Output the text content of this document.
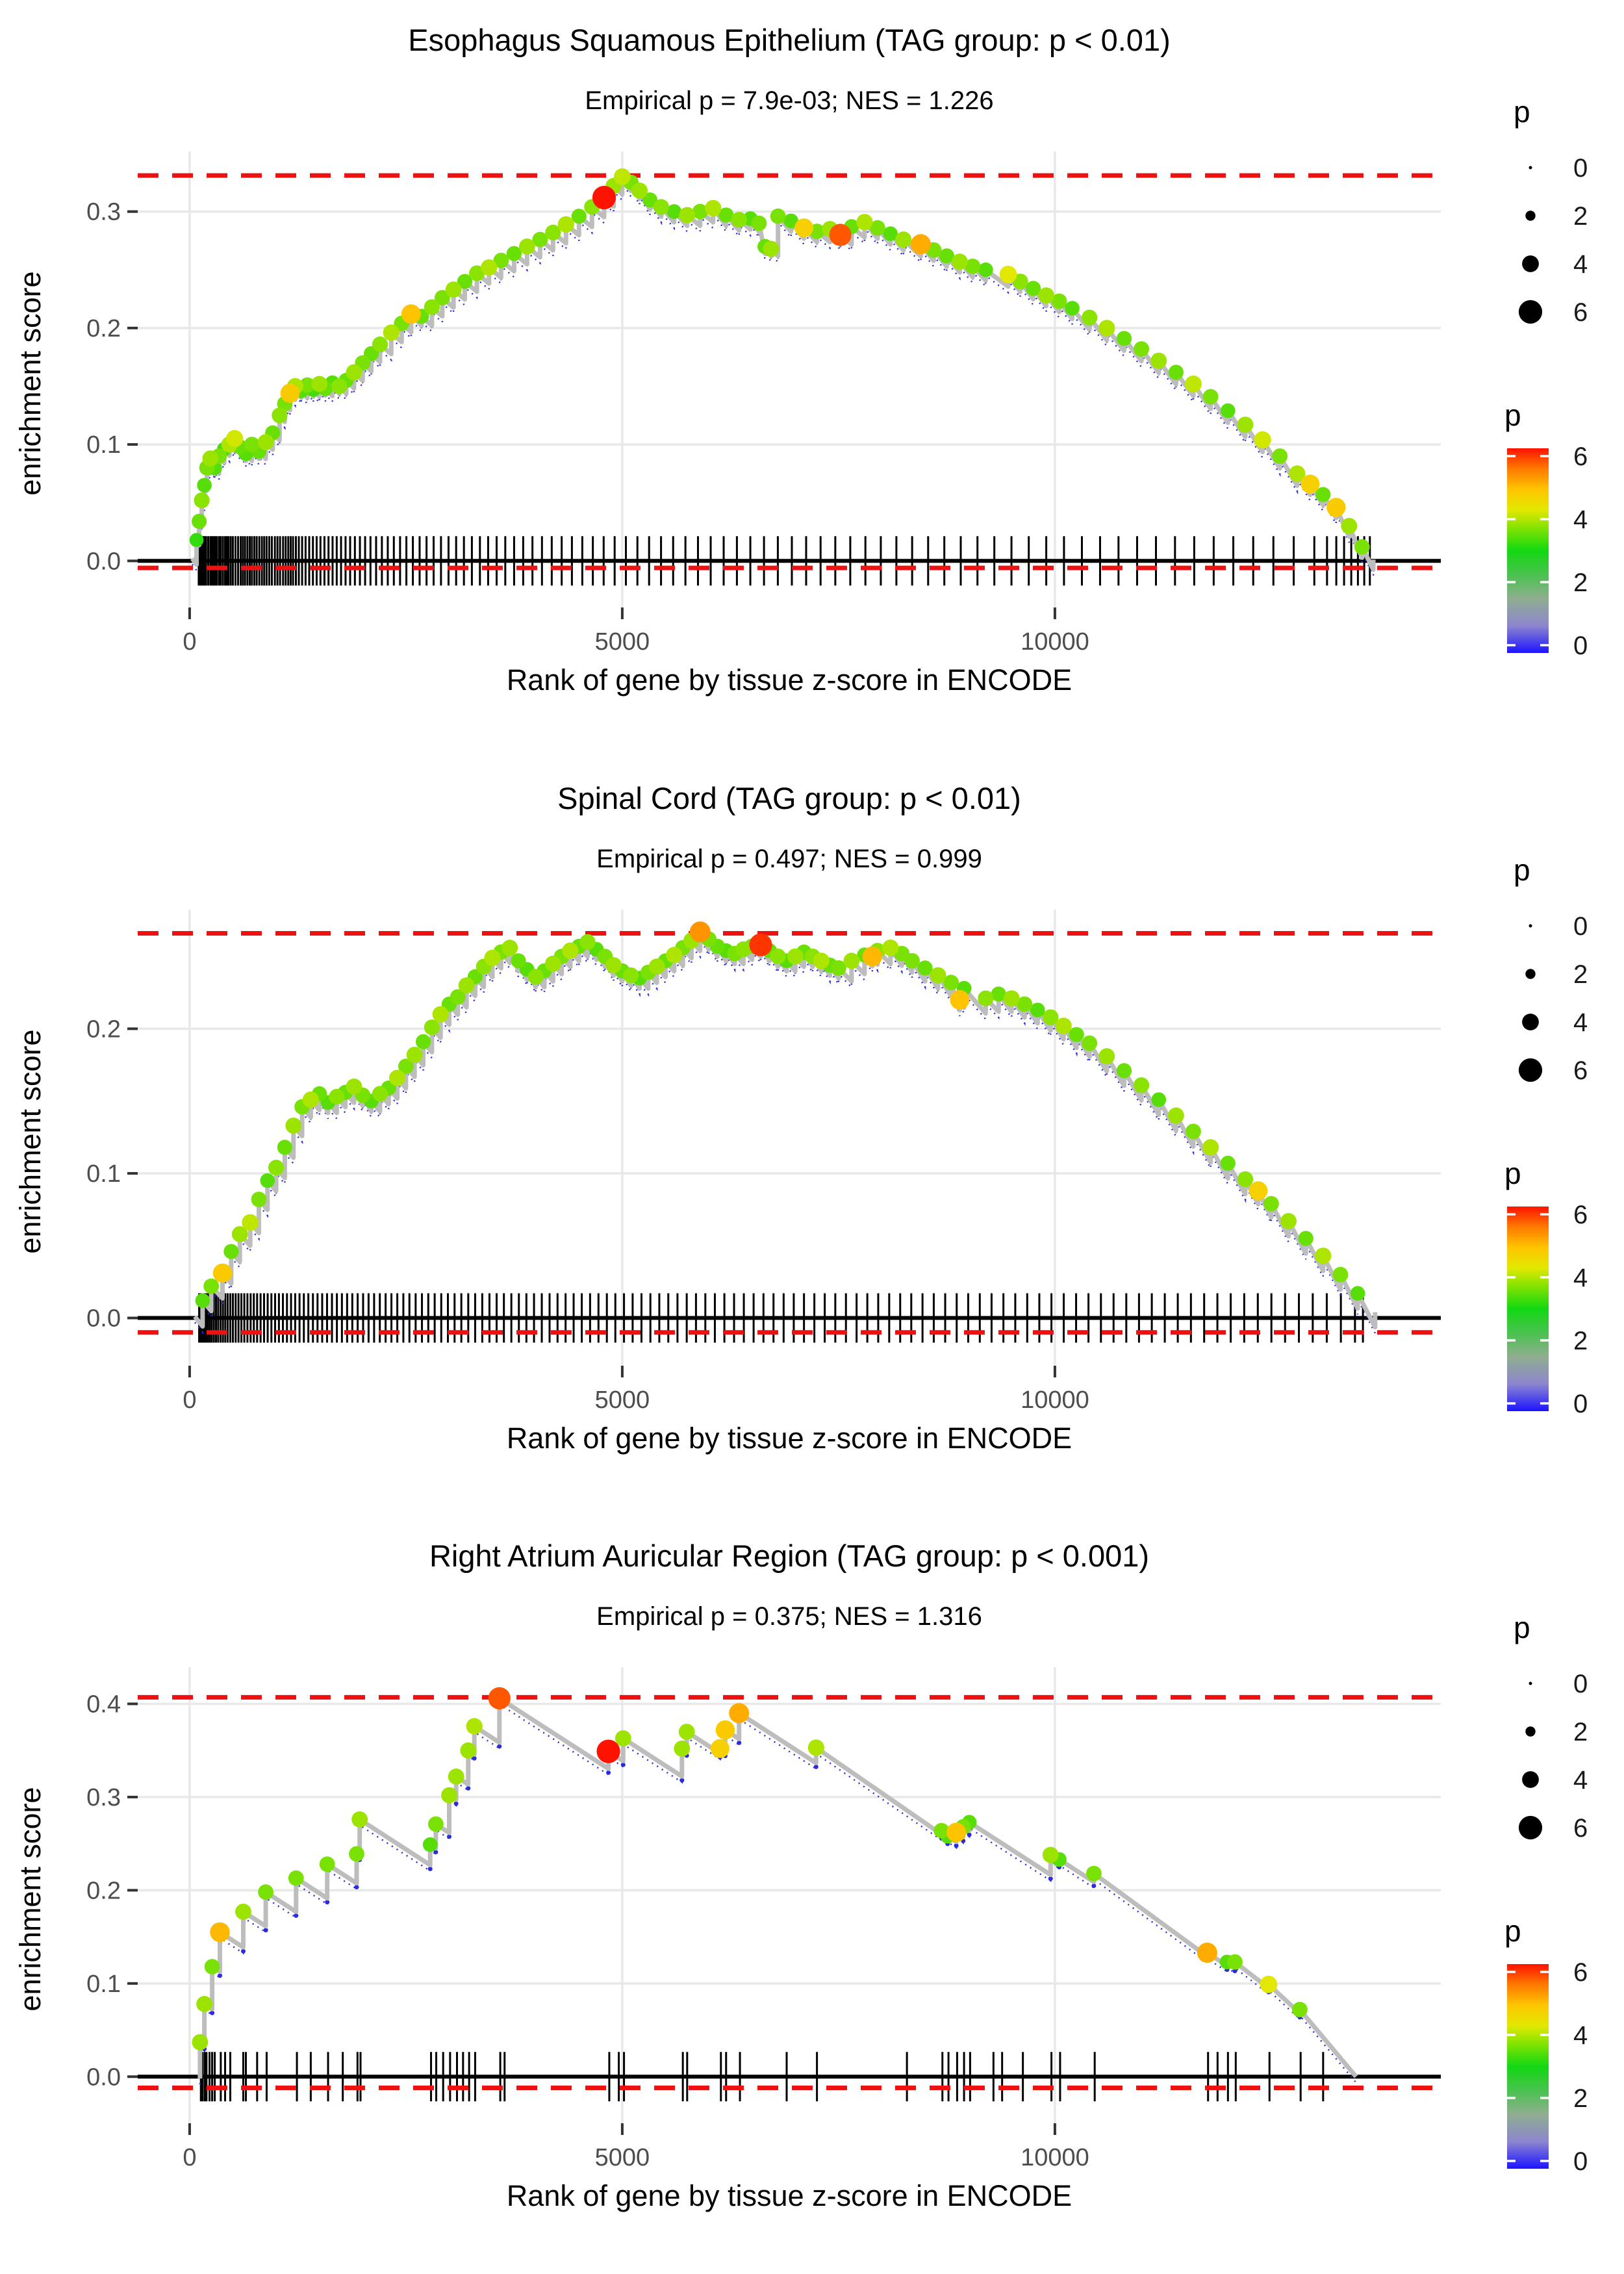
0.0
0.1
0.2
0.3
0	5000	10000
Esophagus Squamous Epithelium (TAG group: p < 0.01)
Empirical p = 7.9e-03; NES = 1.226
enrichment score
Rank of gene by tissue z-score in ENCODE
p
0
2
4
6
p
6
4
2
0
0.0
0.1
0.2
0	5000	10000
Spinal Cord (TAG group: p < 0.01)
Empirical p = 0.497; NES = 0.999
enrichment score
Rank of gene by tissue z-score in ENCODE
p
0
2
4
6
p
6
4
2
0
0.0
0.1
0.2
0.3
0.4
0	5000	10000
Right Atrium Auricular Region (TAG group: p < 0.001)
Empirical p = 0.375; NES = 1.316
enrichment score
Rank of gene by tissue z-score in ENCODE
p
0
2
4
6
p
6
4
2
0
